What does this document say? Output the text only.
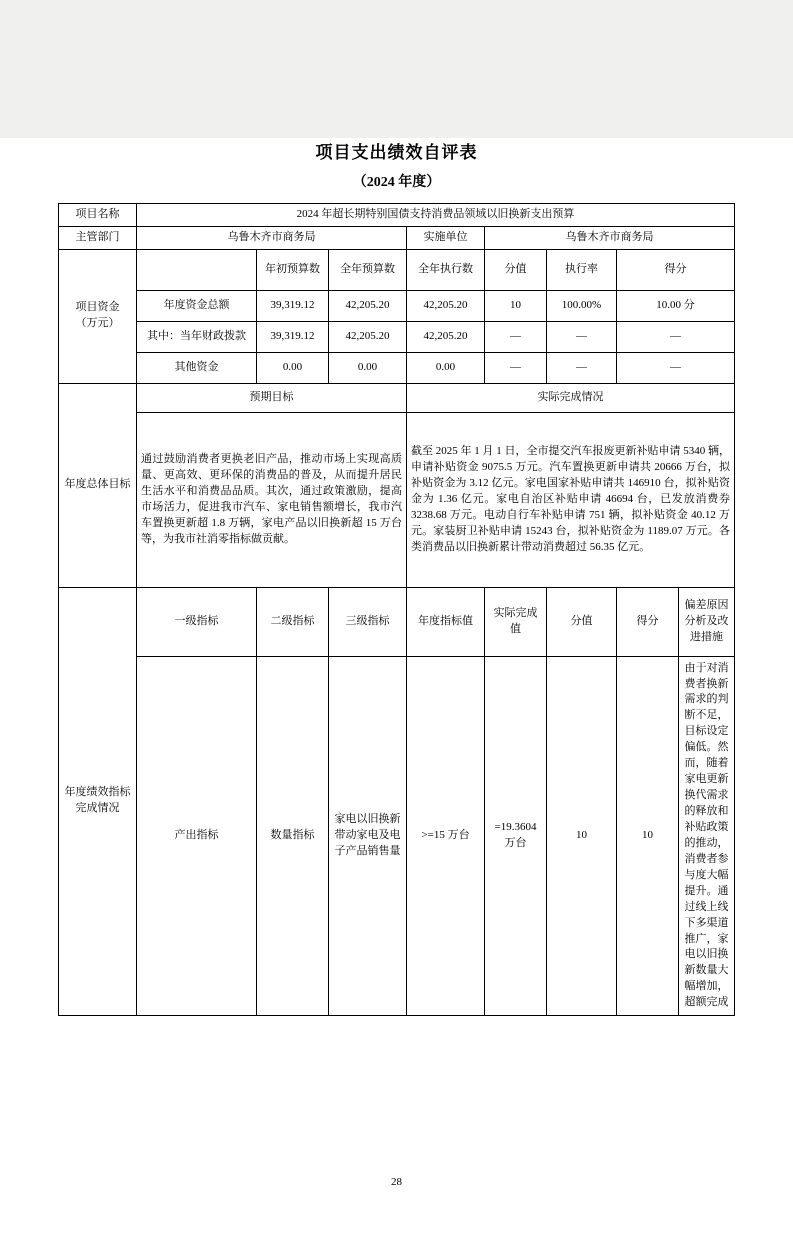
项目支出绩效自评表
（2024 年度）
项目名称	2024 年超长期特别国债支持消费品领域以旧换新支出预算							
主管部门	乌鲁木齐市商务局			实施单位	乌鲁木齐市商务局			

项目资金
（万元）		年初预算数	全年预算数	全年执行数	分值	执行率	得分	
	年度资金总额	39,319.12	42,205.20	42,205.20	10	100.00%	10.00 分	
	其中：当年财政拨款	39,319.12	42,205.20	42,205.20	—	—	—	
	其他资金	0.00	0.00	0.00	—	—	—	
年度总体目标	预期目标			实际完成情况				
	通过鼓励消费者更换老旧产品，推动市场上实现高质量、更高效、更环保的消费品的普及，从而提升居民生活水平和消费品品质。其次，通过政策激励，提高市场活力，促进我市汽车、家电销售额增长，我市汽车置换更新超 1.8 万辆，家电产品以旧换新超 15 万台等，为我市社消零指标做贡献。			截至 2025 年 1 月 1 日，全市提交汽车报废更新补贴申请 5340 辆，申请补贴资金 9075.5 万元。汽车置换更新申请共 20666 万台，拟补贴资金为 3.12 亿元。家电国家补贴申请共 146910 台，拟补贴资金为 1.36 亿元。家电自治区补贴申请 46694 台，已发放消费券 3238.68 万元。电动自行车补贴申请 751 辆，拟补贴资金 40.12 万元。家装厨卫补贴申请 15243 台，拟补贴资金为 1189.07 万元。各类消费品以旧换新累计带动消费超过 56.35 亿元。				
年度绩效指标完成情况	一级指标	二级指标	三级指标	年度指标值	实际完成值	分值	得分	偏差原因分析及改进措施
	产出指标	数量指标	家电以旧换新带动家电及电子产品销售量	>=15 万台	=19.3604 万台	10	10	由于对消费者换新需求的判断不足，目标设定偏低。然而，随着家电更新换代需求的释放和补贴政策的推动，消费者参与度大幅提升。通过线上线下多渠道推广，家电以旧换新数量大幅增加，超额完成
28
